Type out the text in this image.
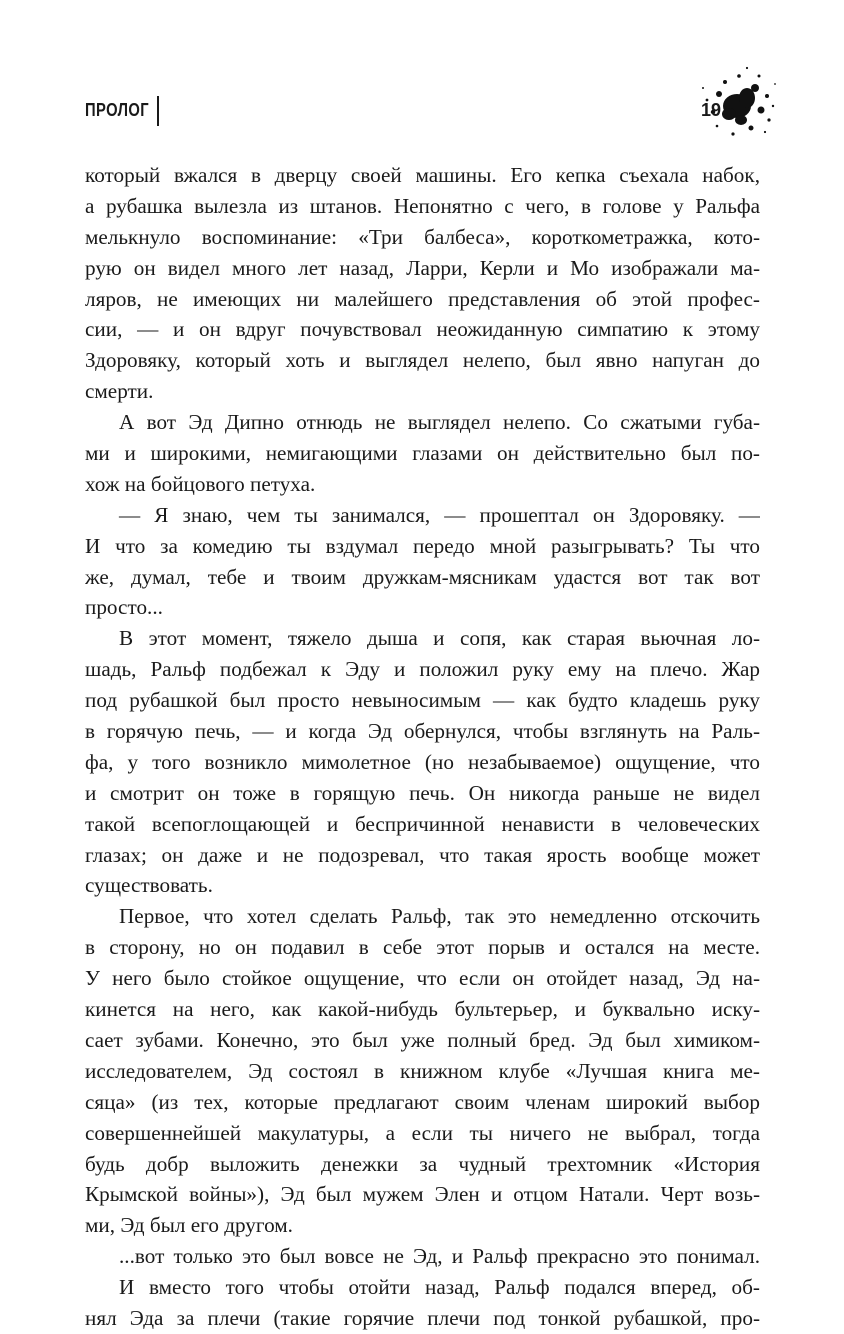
ПРОЛОГ	19
который вжался в дверцу своей машины. Его кепка съехала набок,
а рубашка вылезла из штанов. Непонятно с чего, в голове у Ральфа
мелькнуло воспоминание: «Три балбеса», короткометражка, кото-
рую он видел много лет назад, Ларри, Керли и Мо изображали ма-
ляров, не имеющих ни малейшего представления об этой профес-
сии, — и он вдруг почувствовал неожиданную симпатию к этому
Здоровяку, который хоть и выглядел нелепо, был явно напуган до
смерти.
А вот Эд Дипно отнюдь не выглядел нелепо. Со сжатыми губа-
ми и широкими, немигающими глазами он действительно был по-
хож на бойцового петуха.
— Я знаю, чем ты занимался, — прошептал он Здоровяку. —
И что за комедию ты вздумал передо мной разыгрывать? Ты что
же, думал, тебе и твоим дружкам-мясникам удастся вот так вот
просто...
В этот момент, тяжело дыша и сопя, как старая вьючная ло-
шадь, Ральф подбежал к Эду и положил руку ему на плечо. Жар
под рубашкой был просто невыносимым — как будто кладешь руку
в горячую печь, — и когда Эд обернулся, чтобы взглянуть на Раль-
фа, у того возникло мимолетное (но незабываемое) ощущение, что
и смотрит он тоже в горящую печь. Он никогда раньше не видел
такой всепоглощающей и беспричинной ненависти в человеческих
глазах; он даже и не подозревал, что такая ярость вообще может
существовать.
Первое, что хотел сделать Ральф, так это немедленно отскочить
в сторону, но он подавил в себе этот порыв и остался на месте.
У него было стойкое ощущение, что если он отойдет назад, Эд на-
кинется на него, как какой-нибудь бультерьер, и буквально иску-
сает зубами. Конечно, это был уже полный бред. Эд был химиком-
исследователем, Эд состоял в книжном клубе «Лучшая книга ме-
сяца» (из тех, которые предлагают своим членам широкий выбор
совершеннейшей макулатуры, а если ты ничего не выбрал, тогда
будь добр выложить денежки за чудный трехтомник «История
Крымской войны»), Эд был мужем Элен и отцом Натали. Черт возь-
ми, Эд был его другом.
...вот только это был вовсе не Эд, и Ральф прекрасно это понимал.
И вместо того чтобы отойти назад, Ральф подался вперед, об-
нял Эда за плечи (такие горячие плечи под тонкой рубашкой, про-
